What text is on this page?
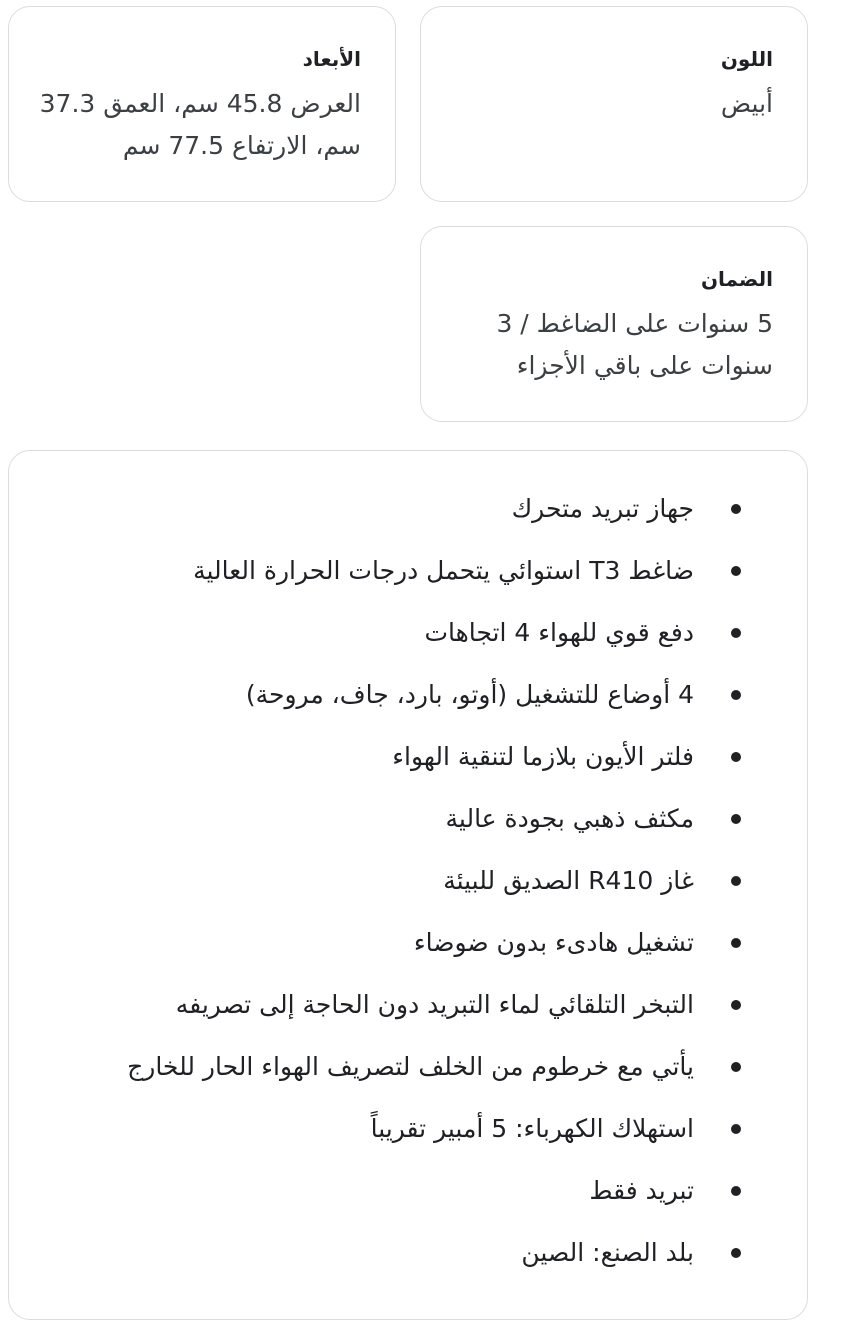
اللون

أبيض

الأبعاد

العرض 45.8 سم، العمق 37.3 سم، الارتفاع 77.5 سم

الضمان

5 سنوات على الضاغط / 3 سنوات على باقي الأجزاء

جهاز تبريد متحرك
ضاغط T3 استوائي يتحمل درجات الحرارة العالية
دفع قوي للهواء 4 اتجاهات
4 أوضاع للتشغيل (أوتو، بارد، جاف، مروحة)
فلتر الأيون بلازما لتنقية الهواء
مكثف ذهبي بجودة عالية
غاز R410 الصديق للبيئة
تشغيل هادىء بدون ضوضاء
التبخر التلقائي لماء التبريد دون الحاجة إلى تصريفه
يأتي مع خرطوم من الخلف لتصريف الهواء الحار للخارج
استهلاك الكهرباء: 5 أمبير تقريباً
تبريد فقط
بلد الصنع: الصين
